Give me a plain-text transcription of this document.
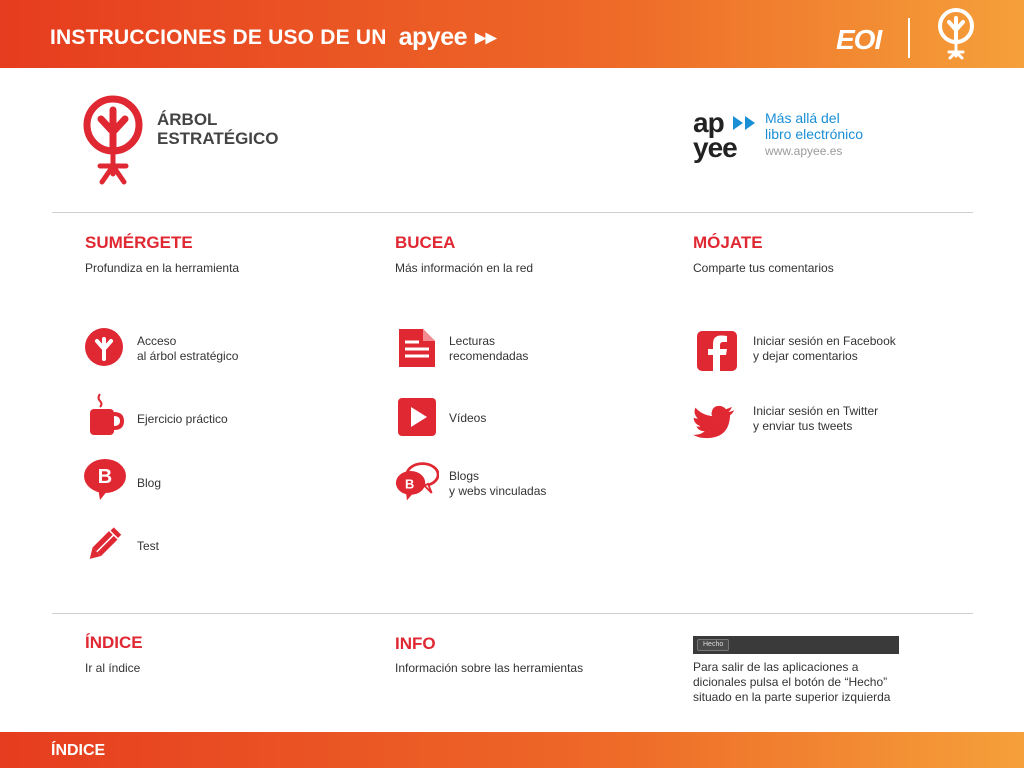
INSTRUCCIONES DE USO DE UN apyee ▸▸	EOI
ÁRBOL
ESTRATÉGICO
ap
yee
Más allá del
libro electrónico
www.apyee.es
SUMÉRGETE
Profundiza en la herramienta
Acceso
al árbol estratégico
Ejercicio práctico
B Blog
Test
BUCEA
Más información en la red
Lecturas
recomendadas
Vídeos
B
Blogs
y webs vinculadas
MÓJATE
Comparte tus comentarios
Iniciar sesión en Facebook
y dejar comentarios
Iniciar sesión en Twitter
y enviar tus tweets
ÍNDICE
Ir al índice
INFO
Información sobre las herramientas
Hecho
Para salir de las aplicaciones a
dicionales pulsa el botón de “Hecho”
situado en la parte superior izquierda
ÍNDICE
